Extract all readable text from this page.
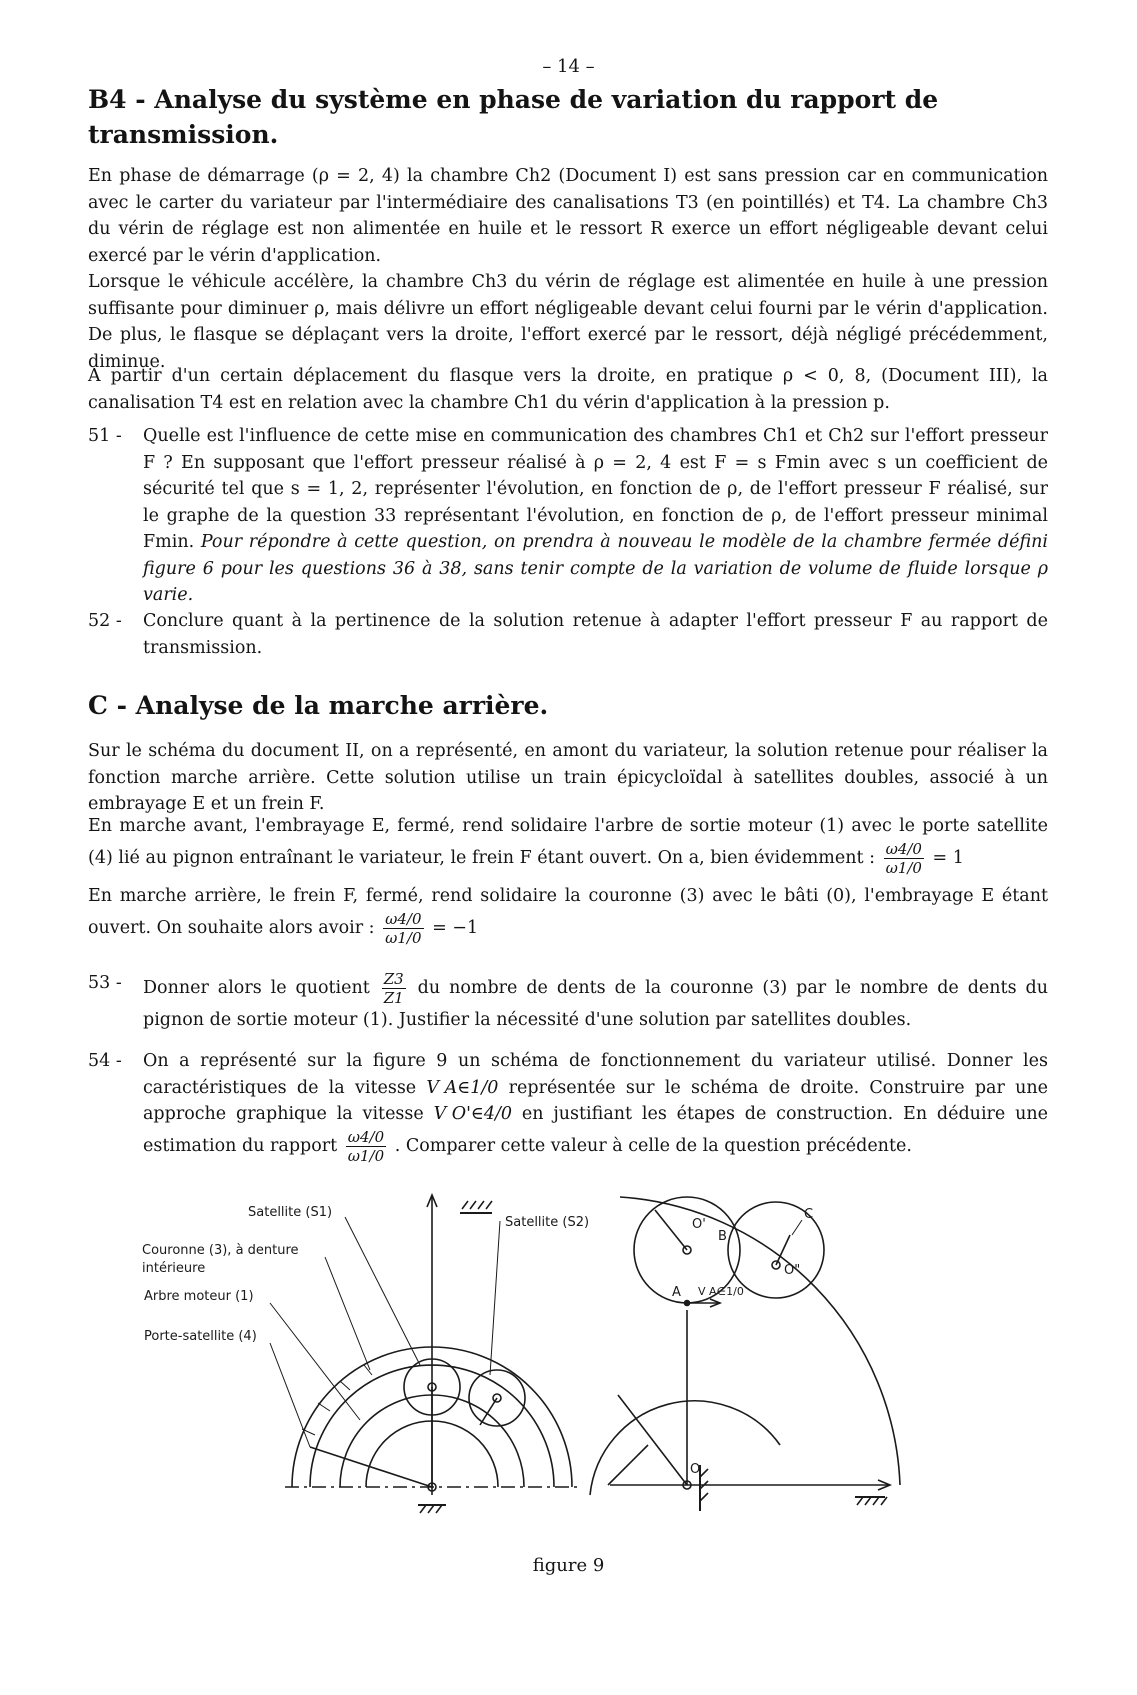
– 14 –
B4 - Analyse du système en phase de variation du rapport de transmission.

En phase de démarrage (ρ = 2, 4) la chambre Ch2 (Document I) est sans pression car en communication avec le carter du variateur par l'intermédiaire des canalisations T3 (en pointillés) et T4. La chambre Ch3 du vérin de réglage est non alimentée en huile et le ressort R exerce un effort négligeable devant celui exercé par le vérin d'application.

Lorsque le véhicule accélère, la chambre Ch3 du vérin de réglage est alimentée en huile à une pression suffisante pour diminuer ρ, mais délivre un effort négligeable devant celui fourni par le vérin d'application. De plus, le flasque se déplaçant vers la droite, l'effort exercé par le ressort, déjà négligé précédemment, diminue.

A partir d'un certain déplacement du flasque vers la droite, en pratique ρ < 0, 8, (Document III), la canalisation T4 est en relation avec la chambre Ch1 du vérin d'application à la pression p.

51 -	Quelle est l'influence de cette mise en communication des chambres Ch1 et Ch2 sur l'effort presseur F ? En supposant que l'effort presseur réalisé à ρ = 2, 4 est F = s Fmin avec s un coefficient de sécurité tel que s = 1, 2, représenter l'évolution, en fonction de ρ, de l'effort presseur F réalisé, sur le graphe de la question 33 représentant l'évolution, en fonction de ρ, de l'effort presseur minimal Fmin. Pour répondre à cette question, on prendra à nouveau le modèle de la chambre fermée défini figure 6 pour les questions 36 à 38, sans tenir compte de la variation de volume de fluide lorsque ρ varie.
52 -	Conclure quant à la pertinence de la solution retenue à adapter l'effort presseur F au rapport de transmission.
C - Analyse de la marche arrière.

Sur le schéma du document II, on a représenté, en amont du variateur, la solution retenue pour réaliser la fonction marche arrière. Cette solution utilise un train épicycloïdal à satellites doubles, associé à un embrayage E et un frein F.

En marche avant, l'embrayage E, fermé, rend solidaire l'arbre de sortie moteur (1) avec le porte satellite (4) lié au pignon entraînant le variateur, le frein F étant ouvert. On a, bien évidemment : $\frac{\omega 4/0}{\omega 1/0} = 1$

En marche arrière, le frein F, fermé, rend solidaire la couronne (3) avec le bâti (0), l'embrayage E étant ouvert. On souhaite alors avoir : $\frac{\omega 4/0}{\omega 1/0} = -1$

53 -	Donner alors le quotient $\frac{Z3}{Z1}$ du nombre de dents de la couronne (3) par le nombre de dents du pignon de sortie moteur (1). Justifier la nécessité d'une solution par satellites doubles.
54 -	On a représenté sur la figure 9 un schéma de fonctionnement du variateur utilisé. Donner les caractéristiques de la vitesse V A∈1/0 représentée sur le schéma de droite. Construire par une approche graphique la vitesse V O'∈4/0 en justifiant les étapes de construction. En déduire une estimation du rapport $\frac{\omega 4/0}{\omega 1/0}$ . Comparer cette valeur à celle de la question précédente.
Satellite (S1)
Satellite (S2)
Couronne (3), à denture
intérieure
Arbre moteur (1)
Porte-satellite (4)
O'
O"
B
C
A
O
V A∈1/0
figure 9
